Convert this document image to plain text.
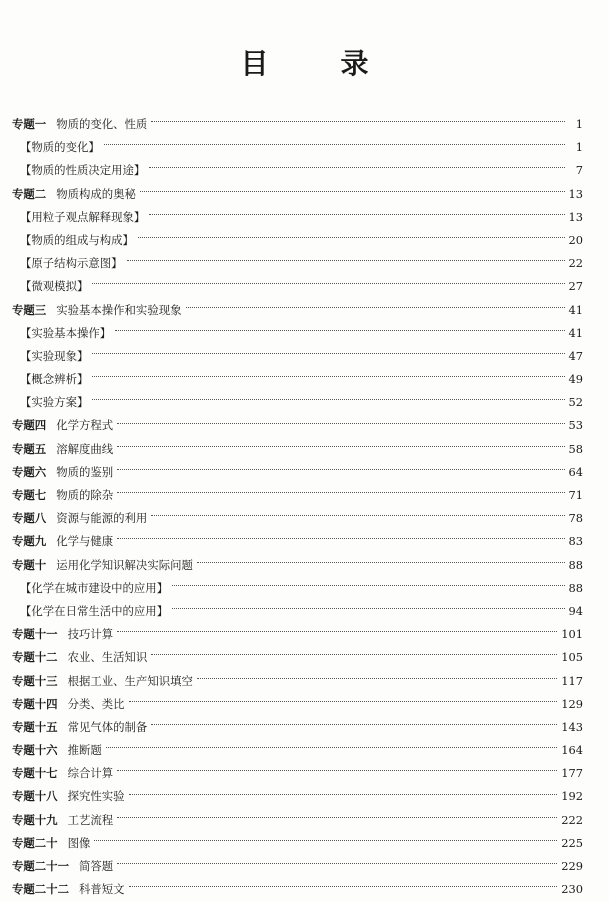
目　录
专题一 物质的变化、性质	1
【物质的变化】	1
【物质的性质决定用途】	7
专题二 物质构成的奥秘	13
【用粒子观点解释现象】	13
【物质的组成与构成】	20
【原子结构示意图】	22
【微观模拟】	27
专题三 实验基本操作和实验现象	41
【实验基本操作】	41
【实验现象】	47
【概念辨析】	49
【实验方案】	52
专题四 化学方程式	53
专题五 溶解度曲线	58
专题六 物质的鉴别	64
专题七 物质的除杂	71
专题八 资源与能源的利用	78
专题九 化学与健康	83
专题十 运用化学知识解决实际问题	88
【化学在城市建设中的应用】	88
【化学在日常生活中的应用】	94
专题十一 技巧计算	101
专题十二 农业、生活知识	105
专题十三 根据工业、生产知识填空	117
专题十四 分类、类比	129
专题十五 常见气体的制备	143
专题十六 推断题	164
专题十七 综合计算	177
专题十八 探究性实验	192
专题十九 工艺流程	222
专题二十 图像	225
专题二十一 简答题	229
专题二十二 科普短文	230
